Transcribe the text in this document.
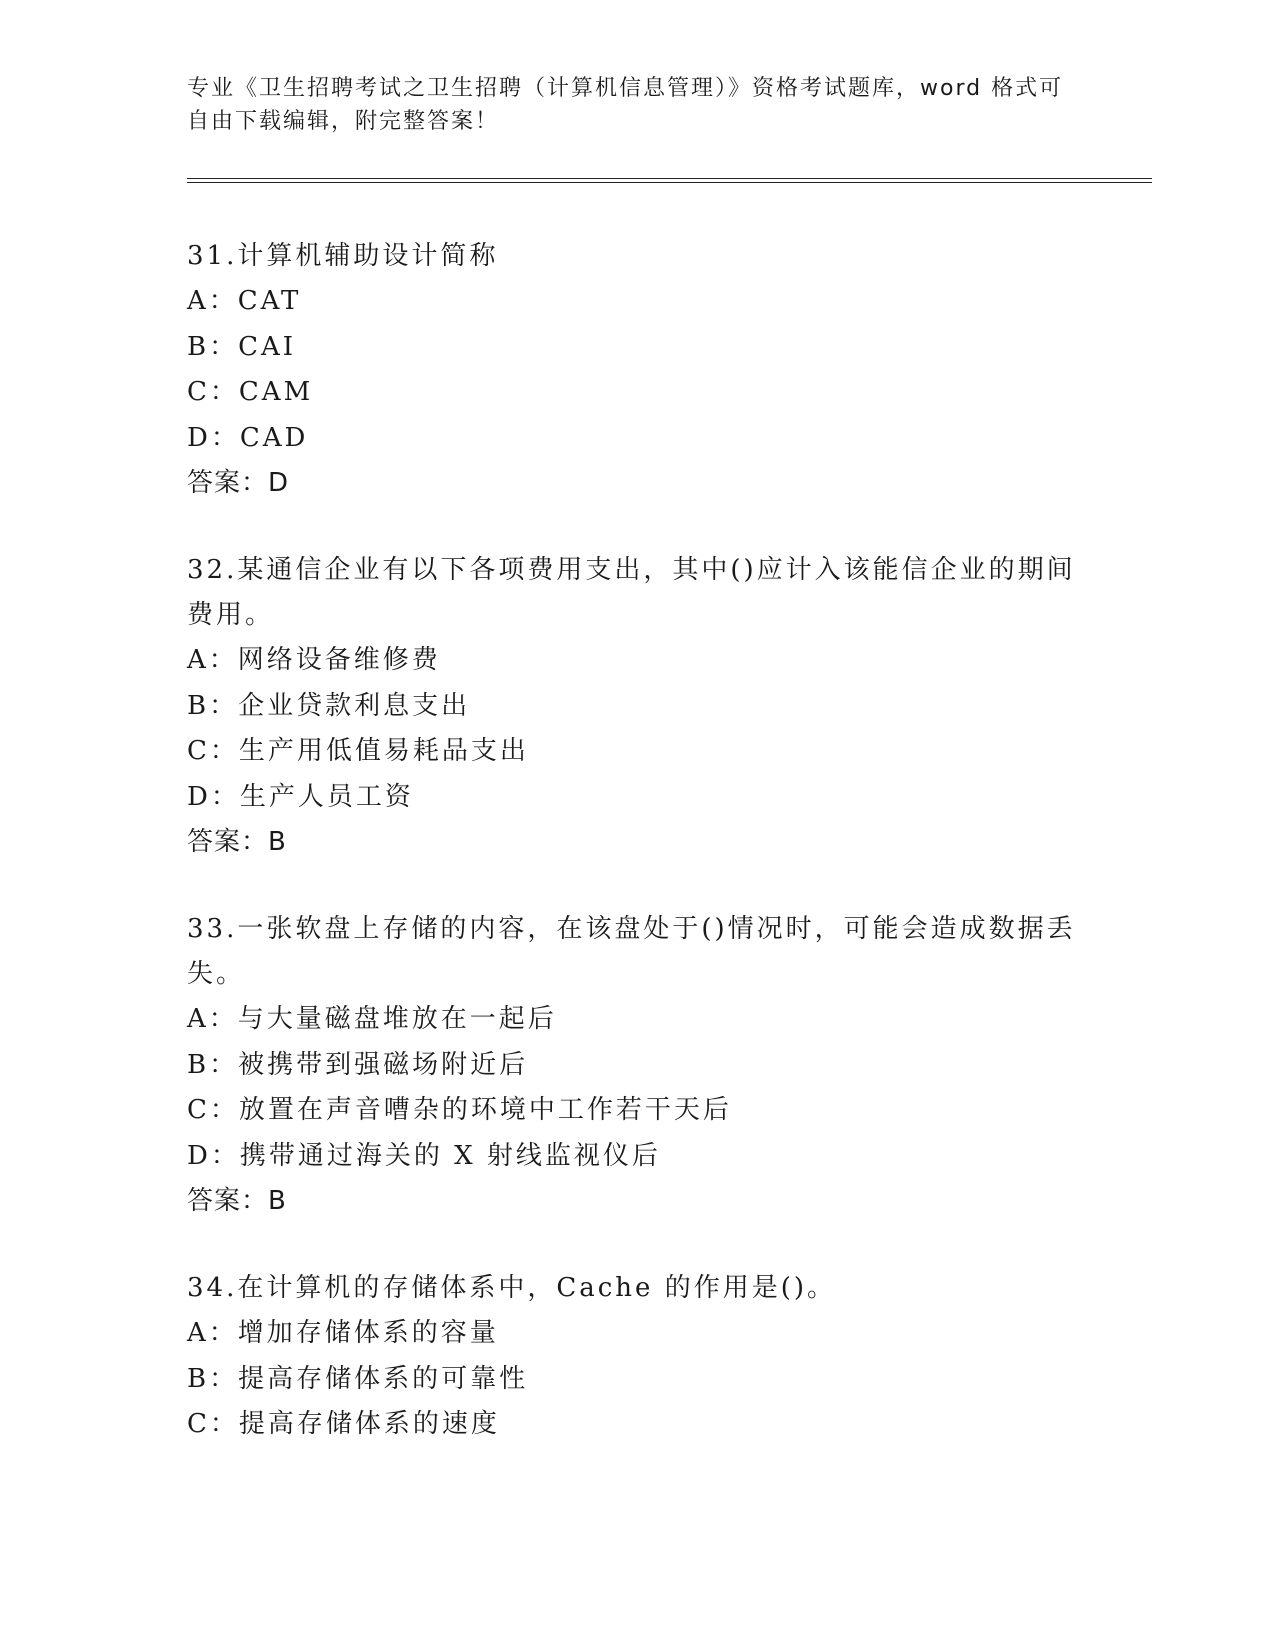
专业《卫生招聘考试之卫生招聘（计算机信息管理）》资格考试题库，word 格式可自由下载编辑，附完整答案！

31.计算机辅助设计简称

A：CAT

B：CAI

C：CAM

D：CAD

答案：D

32.某通信企业有以下各项费用支出，其中()应计入该能信企业的期间费用。

A：网络设备维修费

B：企业贷款利息支出

C：生产用低值易耗品支出

D：生产人员工资

答案：B

33.一张软盘上存储的内容，在该盘处于()情况时，可能会造成数据丢失。

A：与大量磁盘堆放在一起后

B：被携带到强磁场附近后

C：放置在声音嘈杂的环境中工作若干天后

D：携带通过海关的 X 射线监视仪后

答案：B

34.在计算机的存储体系中，Cache 的作用是()。

A：增加存储体系的容量

B：提高存储体系的可靠性

C：提高存储体系的速度
